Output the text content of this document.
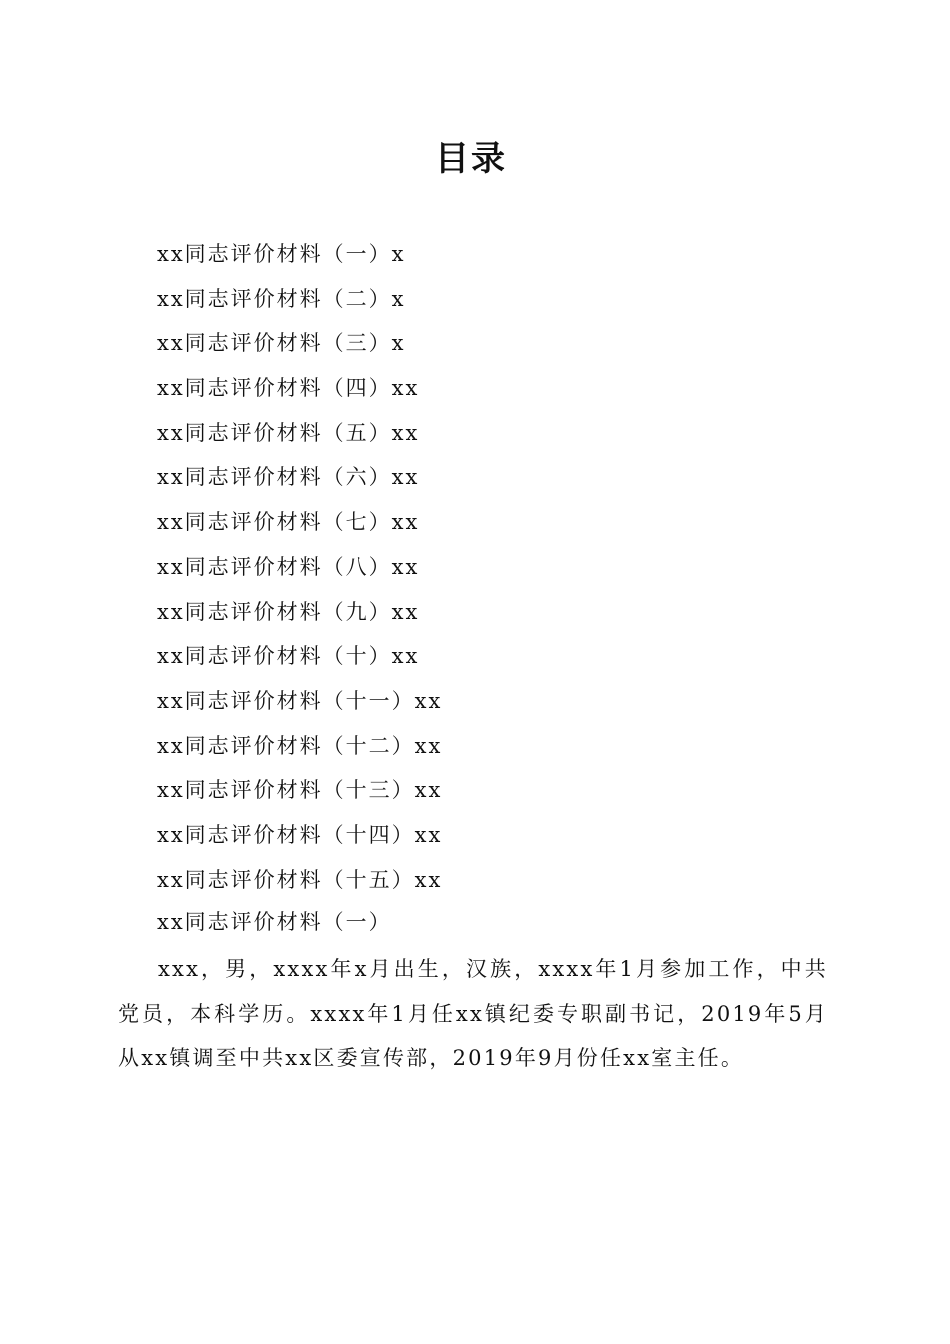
目录
xx同志评价材料（一）x
xx同志评价材料（二）x
xx同志评价材料（三）x
xx同志评价材料（四）xx
xx同志评价材料（五）xx
xx同志评价材料（六）xx
xx同志评价材料（七）xx
xx同志评价材料（八）xx
xx同志评价材料（九）xx
xx同志评价材料（十）xx
xx同志评价材料（十一）xx
xx同志评价材料（十二）xx
xx同志评价材料（十三）xx
xx同志评价材料（十四）xx
xx同志评价材料（十五）xx
xx同志评价材料（一）

xxx，男，xxxx年x月出生，汉族，xxxx年1月参加工作，中共党员，本科学历。xxxx年1月任xx镇纪委专职副书记，2019年5月从xx镇调至中共xx区委宣传部，2019年9月份任xx室主任。
